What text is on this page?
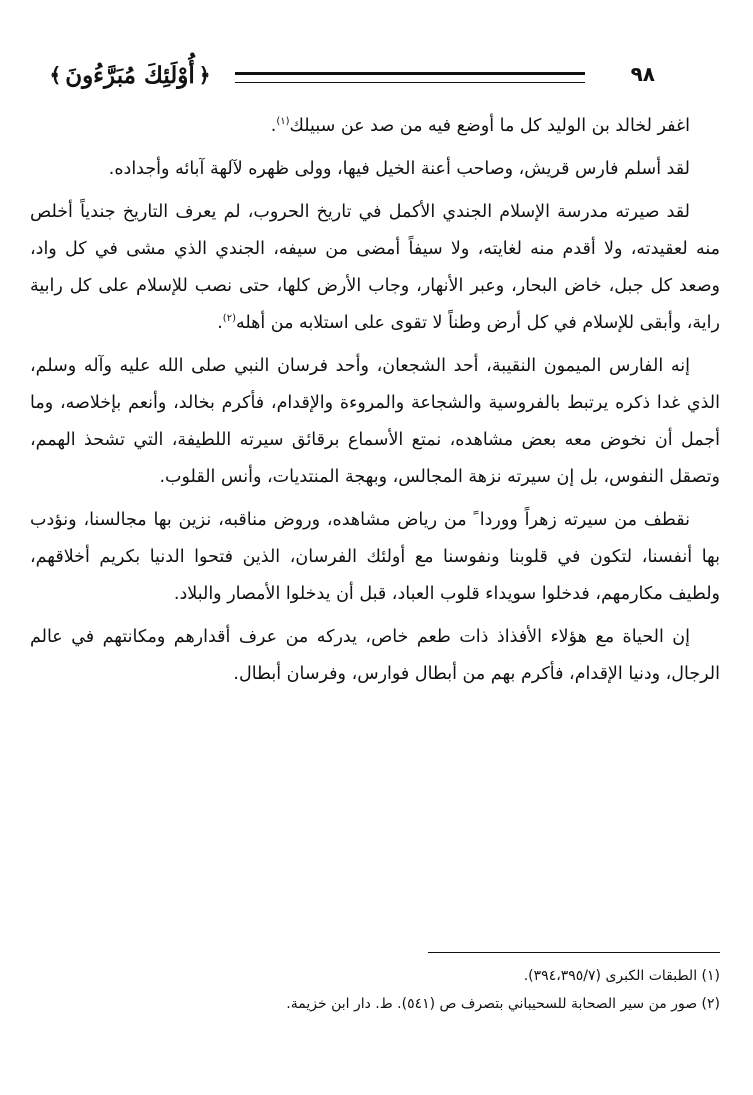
﴾ أُوْلَئِكَ مُبَرَّءُونَ ﴿	٩٨

اغفر لخالد بن الوليد كل ما أوضع فيه من صد عن سبيلك$^{(١)}$.

لقد أسلم فارس قريش، وصاحب أعنة الخيل فيها، وولى ظهره لآلهة آبائه وأجداده.

لقد صيرته مدرسة الإسلام الجندي الأكمل في تاريخ الحروب، لم يعرف التاريخ جندياً أخلص منه لعقيدته، ولا أقدم منه لغايته، ولا سيفاً أمضى من سيفه، الجندي الذي مشى في كل واد، وصعد كل جبل، خاض البحار، وعبر الأنهار، وجاب الأرض كلها، حتى نصب للإسلام على كل رابية راية، وأبقى للإسلام في كل أرض وطناً لا تقوى على استلابه من أهله$^{(٢)}$.

إنه الفارس الميمون النقيبة، أحد الشجعان، وأحد فرسان النبي صلى الله عليه وآله وسلم، الذي غدا ذكره يرتبط بالفروسية والشجاعة والمروءة والإقدام، فأكرم بخالد، وأنعم بإخلاصه، وما أجمل أن نخوض معه بعض مشاهده، نمتع الأسماع برقائق سيرته اللطيفة، التي تشحذ الهمم، وتصقل النفوس، بل إن سيرته نزهة المجالس، وبهجة المنتديات، وأنس القلوب.

نقطف من سيرته زهراً ووردا ً من رياض مشاهده، وروض مناقبه، نزين بها مجالسنا، ونؤدب بها أنفسنا، لتكون في قلوبنا ونفوسنا مع أولئك الفرسان، الذين فتحوا الدنيا بكريم أخلاقهم، ولطيف مكارمهم، فدخلوا سويداء قلوب العباد، قبل أن يدخلوا الأمصار والبلاد.

إن الحياة مع هؤلاء الأفذاذ ذات طعم خاص، يدركه من عرف أقدارهم ومكانتهم في عالم الرجال، ودنيا الإقدام، فأكرم بهم من أبطال فوارس، وفرسان أبطال.

(١) الطبقات الكبرى (٣٩٤،٣٩٥/٧).

(٢) صور من سير الصحابة للسحيباني بتصرف ص (٥٤١). ط. دار ابن خزيمة.
